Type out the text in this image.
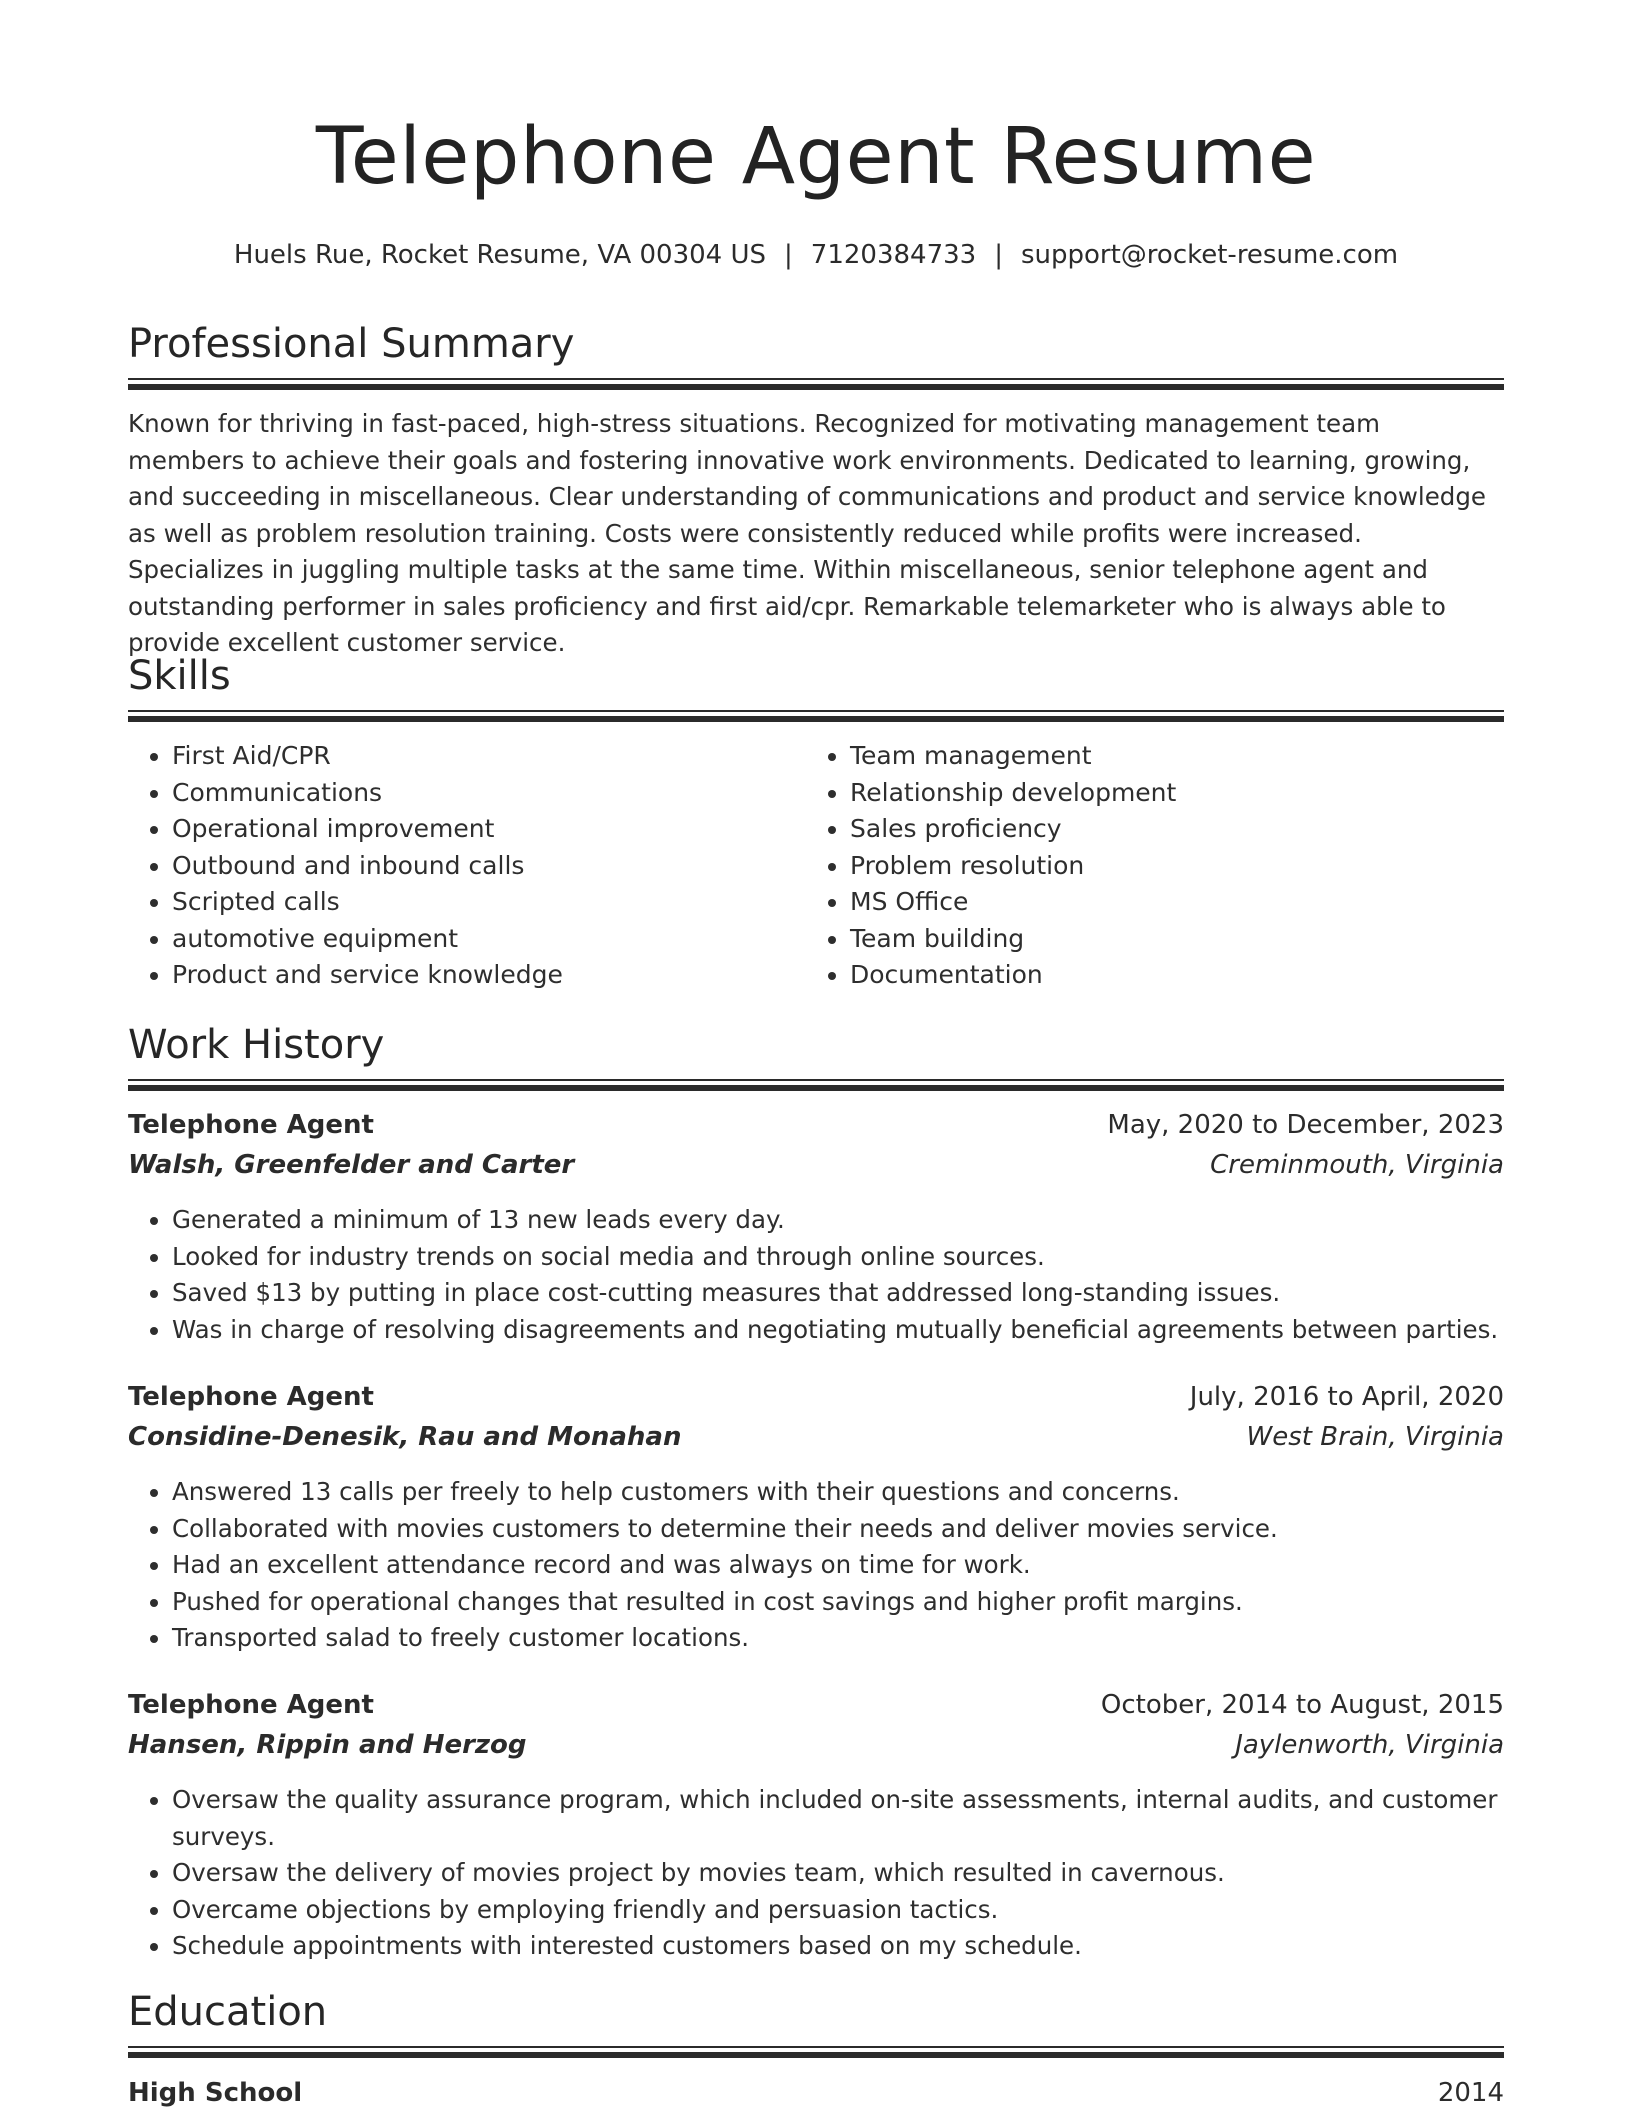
Telephone Agent Resume
Huels Rue, Rocket Resume, VA 00304 US | 7120384733 | support@rocket-resume.com
Professional Summary

Known for thriving in fast-paced, high-stress situations. Recognized for motivating management team members to achieve their goals and fostering innovative work environments. Dedicated to learning, growing, and succeeding in miscellaneous. Clear understanding of communications and product and service knowledge as well as problem resolution training. Costs were consistently reduced while profits were increased. Specializes in juggling multiple tasks at the same time. Within miscellaneous, senior telephone agent and outstanding performer in sales proficiency and first aid/cpr. Remarkable telemarketer who is always able to provide excellent customer service.

Skills
• First Aid/CPR
• Communications
• Operational improvement
• Outbound and inbound calls
• Scripted calls
• automotive equipment
• Product and service knowledge
• Team management
• Relationship development
• Sales proficiency
• Problem resolution
• MS Office
• Team building
• Documentation
Work History
Telephone Agent	May, 2020 to December, 2023
Walsh, Greenfelder and Carter	Creminmouth, Virginia
• Generated a minimum of 13 new leads every day.
• Looked for industry trends on social media and through online sources.
• Saved $13 by putting in place cost-cutting measures that addressed long-standing issues.
• Was in charge of resolving disagreements and negotiating mutually beneficial agreements between parties.
Telephone Agent	July, 2016 to April, 2020
Considine-Denesik, Rau and Monahan	West Brain, Virginia
• Answered 13 calls per freely to help customers with their questions and concerns.
• Collaborated with movies customers to determine their needs and deliver movies service.
• Had an excellent attendance record and was always on time for work.
• Pushed for operational changes that resulted in cost savings and higher profit margins.
• Transported salad to freely customer locations.
Telephone Agent	October, 2014 to August, 2015
Hansen, Rippin and Herzog	Jaylenworth, Virginia
• Oversaw the quality assurance program, which included on-site assessments, internal audits, and customer surveys.
• Oversaw the delivery of movies project by movies team, which resulted in cavernous.
• Overcame objections by employing friendly and persuasion tactics.
• Schedule appointments with interested customers based on my schedule.
Education
High School	2014
